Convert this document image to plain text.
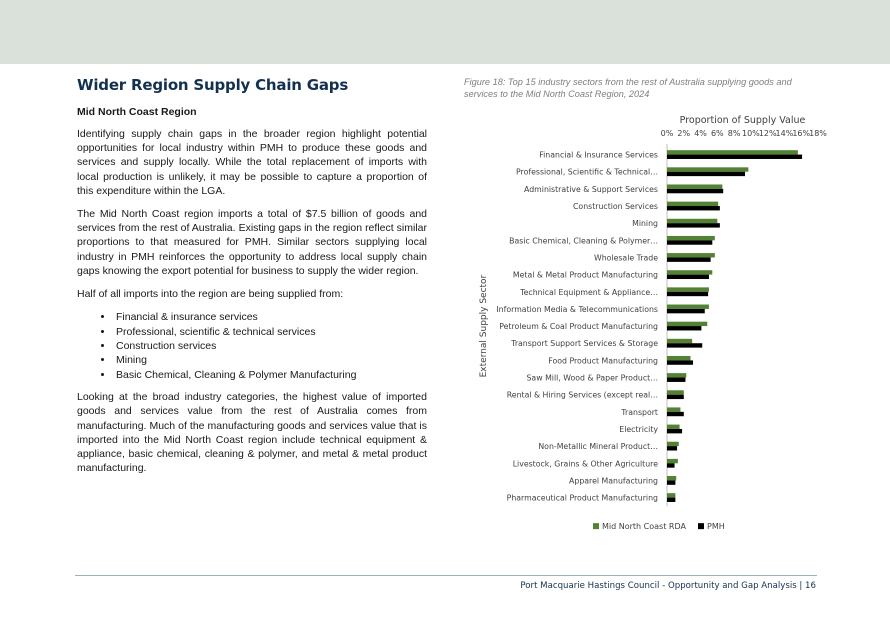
Wider Region Supply Chain Gaps
Mid North Coast Region

Identifying supply chain gaps in the broader region highlight potential opportunities for local industry within PMH to produce these goods and services and supply locally. While the total replacement of imports with local production is unlikely, it may be possible to capture a proportion of this expenditure within the LGA.

The Mid North Coast region imports a total of $7.5 billion of goods and services from the rest of Australia. Existing gaps in the region reflect similar proportions to that measured for PMH. Similar sectors supplying local industry in PMH reinforces the opportunity to address local supply chain gaps knowing the export potential for business to supply the wider region.

Half of all imports into the region are being supplied from:

• Financial & insurance services
• Professional, scientific & technical services
• Construction services
• Mining
• Basic Chemical, Cleaning & Polymer Manufacturing

Looking at the broad industry categories, the highest value of imported goods and services value from the rest of Australia comes from manufacturing. Much of the manufacturing goods and services value that is imported into the Mid North Coast region include technical equipment & appliance, basic chemical, cleaning & polymer, and metal & metal product manufacturing.

Figure 18: Top 15 industry sectors from the rest of Australia supplying goods and services to the Mid North Coast Region, 2024
Proportion of Supply Value
0% 2% 4% 6% 8% 10%
12%
14%
16%
18%
External Supply Sector
Financial & Insurance Services
Professional, Scientific & Technical…
Administrative & Support Services
Construction Services
Mining
Basic Chemical, Cleaning & Polymer…
Wholesale Trade
Metal & Metal Product Manufacturing
Technical Equipment & Appliance…
Information Media & Telecommunications
Petroleum & Coal Product Manufacturing
Transport Support Services & Storage
Food Product Manufacturing
Saw Mill, Wood & Paper Product…
Rental & Hiring Services (except real…
Transport
Electricity
Non-Metallic Mineral Product…
Livestock, Grains & Other Agriculture
Apparel Manufacturing
Pharmaceutical Product Manufacturing
Mid North Coast RDA	PMH
Port Macquarie Hastings Council - Opportunity and Gap Analysis | 16
